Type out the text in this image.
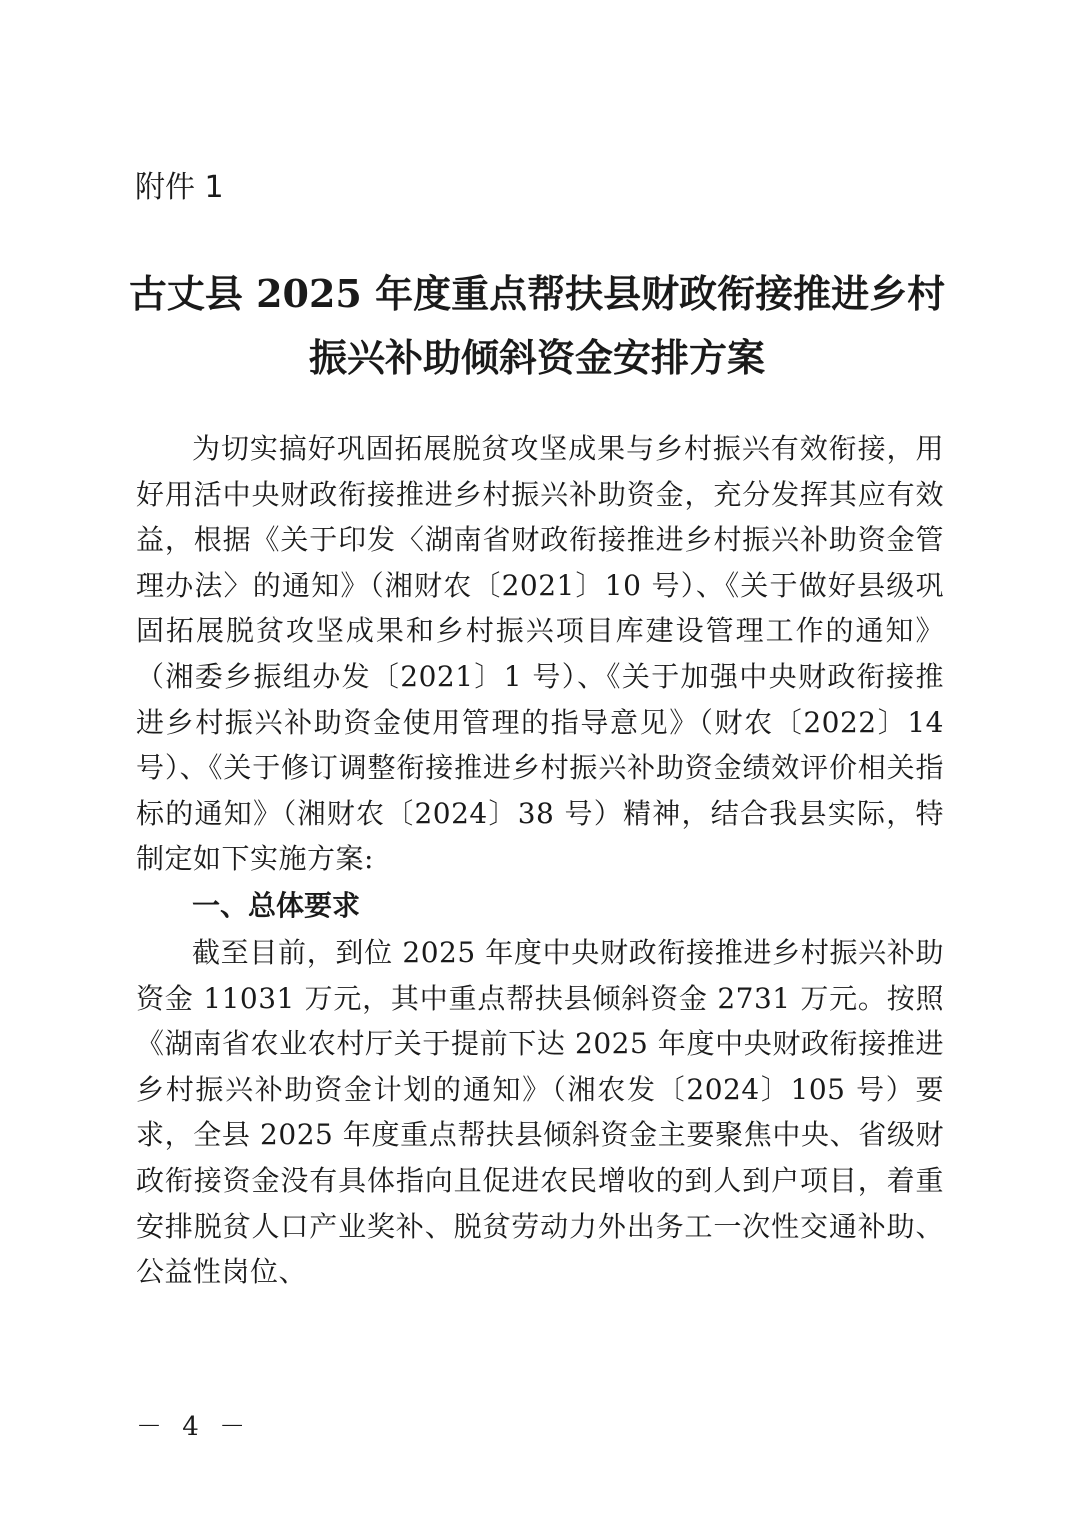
附件 1

古丈县 2025 年度重点帮扶县财政衔接推进乡村
振兴补助倾斜资金安排方案

为切实搞好巩固拓展脱贫攻坚成果与乡村振兴有效衔接，用好用活中央财政衔接推进乡村振兴补助资金，充分发挥其应有效益，根据《关于印发〈湖南省财政衔接推进乡村振兴补助资金管理办法〉的通知》（湘财农〔2021〕10 号）、《关于做好县级巩固拓展脱贫攻坚成果和乡村振兴项目库建设管理工作的通知》（湘委乡振组办发〔2021〕1 号）、《关于加强中央财政衔接推进乡村振兴补助资金使用管理的指导意见》（财农〔2022〕14 号）、《关于修订调整衔接推进乡村振兴补助资金绩效评价相关指标的通知》（湘财农〔2024〕38 号）精神，结合我县实际，特制定如下实施方案:

一、总体要求

截至目前，到位 2025 年度中央财政衔接推进乡村振兴补助资金 11031 万元，其中重点帮扶县倾斜资金 2731 万元。按照《湖南省农业农村厅关于提前下达 2025 年度中央财政衔接推进乡村振兴补助资金计划的通知》（湘农发〔2024〕105 号）要求，全县 2025 年度重点帮扶县倾斜资金主要聚焦中央、省级财政衔接资金没有具体指向且促进农民增收的到人到户项目，着重安排脱贫人口产业奖补、脱贫劳动力外出务工一次性交通补助、公益性岗位、

－ 4 －
